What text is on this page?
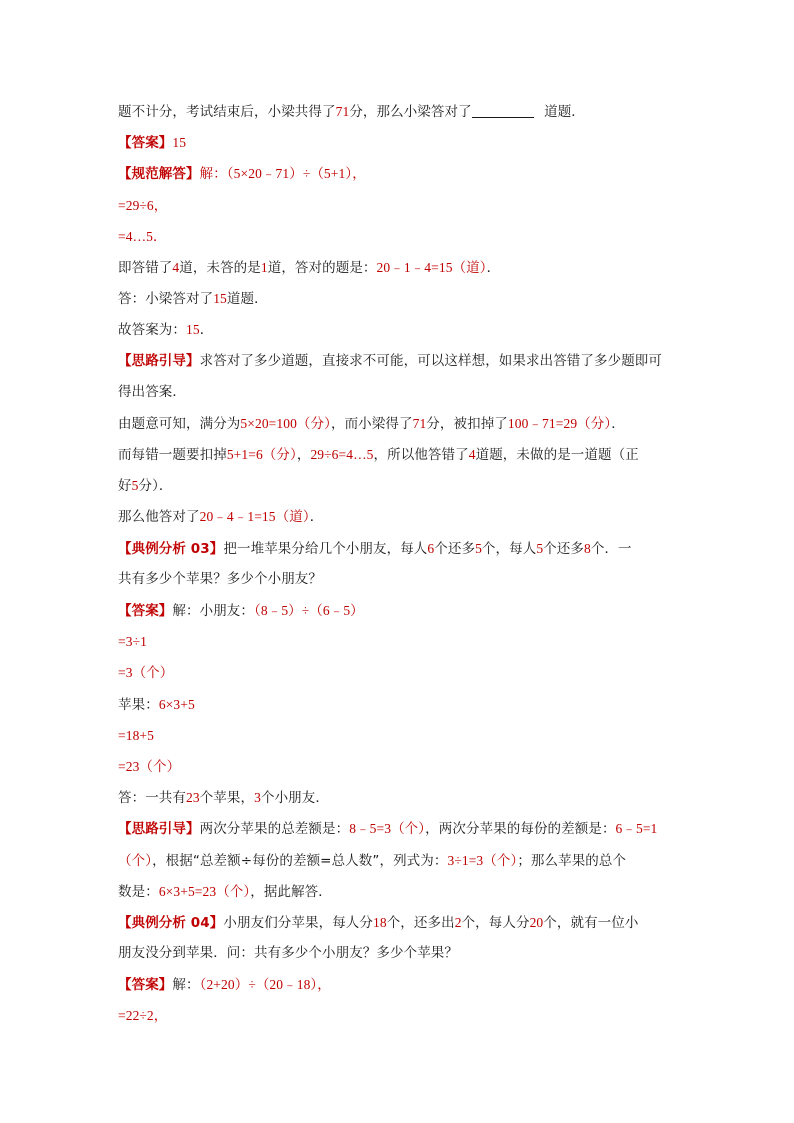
题不计分，考试结束后，小梁共得了71分，那么小梁答对了	道题．
【答案】15
【规范解答】解：（5×20﹣71）÷（5+1），
=29÷6，
=4…5．
即答错了4道，未答的是1道，答对的题是：20﹣1﹣4=15（道）．
答：小梁答对了15道题．
故答案为：15．
【思路引导】求答对了多少道题，直接求不可能，可以这样想，如果求出答错了多少题即可
得出答案．
由题意可知，满分为5×20=100（分），而小梁得了71分，被扣掉了100﹣71=29（分）．
而每错一题要扣掉5+1=6（分），29÷6=4…5，所以他答错了4道题，未做的是一道题（正
好5分）．
那么他答对了20﹣4﹣1=15（道）．
【典例分析 03】把一堆苹果分给几个小朋友，每人6个还多5个，每人5个还多8个．一
共有多少个苹果？多少个小朋友？
【答案】解：小朋友：（8﹣5）÷（6﹣5）
=3÷1
=3（个）
苹果：6×3+5
=18+5
=23（个）
答：一共有23个苹果，3个小朋友．
【思路引导】两次分苹果的总差额是：8﹣5=3（个），两次分苹果的每份的差额是：6﹣5=1
（个），根据“总差额÷每份的差额=总人数”，列式为：3÷1=3（个）；那么苹果的总个
数是：6×3+5=23（个），据此解答．
【典例分析 04】小朋友们分苹果，每人分18个，还多出2个，每人分20个，就有一位小
朋友没分到苹果．问：共有多少个小朋友？多少个苹果？
【答案】解：（2+20）÷（20﹣18），
=22÷2，
